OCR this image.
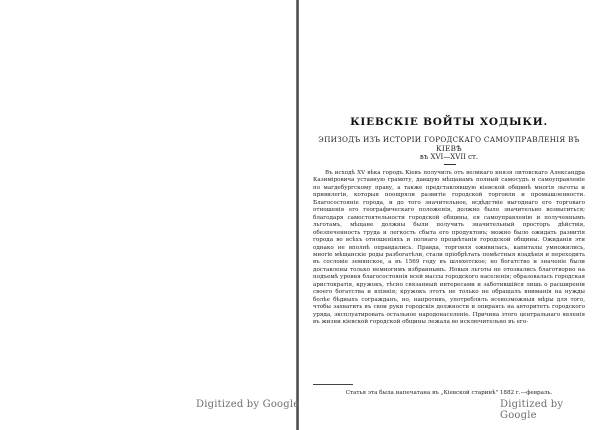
Digitized by Google
КІЕВСКІЕ ВОЙТЫ ХОДЫКИ.
ЭПИЗОДЪ ИЗЪ ИСТОРІИ ГОРОДСКАГО САМОУПРАВЛЕНІЯ ВЪ КІЕВѢ
въ XVI—XVII ст.
Въ исходѣ XV вѣка городъ Кіевъ получилъ отъ великаго князя литовскаго Александра Казиміровича уставную грамоту, давшую мѣщанамъ полный самосудъ и самоуправленіе по магдебургскому праву, а также представлявшую кіевской общинѣ многія льготы и привилегіи, которыя поощряли развитіе городской торговли и промышленности. Благосостояніе города, и до того значительное, всдѣдствіе выгоднаго его торговаго отношенія его географическаго положенія, должно было значительно возвыситься; благодаря самостоятельности городской общины, ея самоуправленію и полученнымъ льготамъ, мѣщане должны были получить значительный просторъ дѣйствія, обезпеченность труда и легкость сбыта его продуктовъ; можно было ожидать развитія города во всѣхъ отношеніяхъ и полнаго процвѣтанія городской общины. Ожиданія эти однако не вполнѣ оправдались. Правда, торговля оживилась, капиталы умножились, многіе мѣщанскіе роды разбогатѣли, стали пріобрѣтать помѣстныя владѣнія и переходить въ сословіе земянское, а въ 1569 году въ шляхетское; но богатство и значеніе были доставлены только немногимъ избраннымъ. Новыя льготы не отозвались благотворно на подъемѣ уровня благосостоянія всей массы городского населенія; образовалась городская аристократія, кружокъ, тѣсно связанный интересами и заботившійся лишь о расширеніи своего богатства и вліянія; кружокъ этотъ не только не обращалъ вниманія на нужды болѣе бѣдныхъ согражданъ, но, напротивъ, употреблялъ всевозможныя мѣры для того, чтобы захватить въ свои руки городскія должности и опираясь на авторитетъ городского уряда, эксплуатировать остальное народонаселеніе. Причина этого центральнаго явленія въ жизни кіевской городской общины лежала во исключительно въ его-
Статья эта была напечатана въ „Кіевской старинѣ" 1882 г.—февраль.
Digitized by Google
